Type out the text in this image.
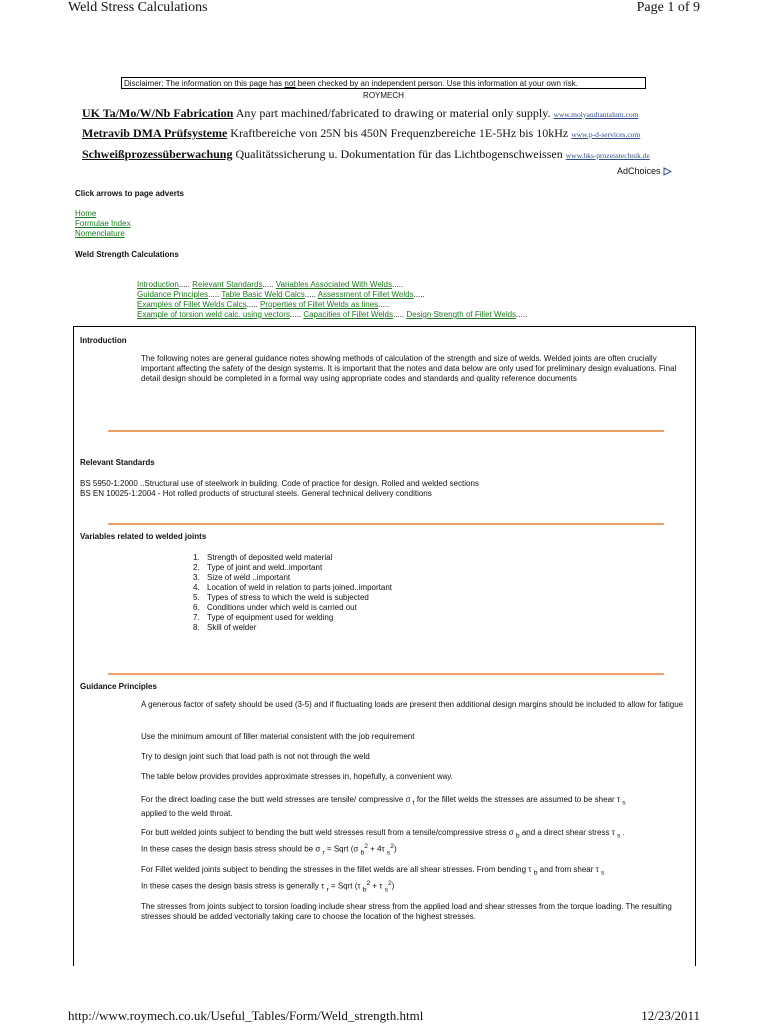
Weld Stress Calculations	Page 1 of 9
Disclaimer: The information on this page has not been checked by an independent person. Use this information at your own risk.
ROYMECH
UK Ta/Mo/W/Nb Fabrication Any part machined/fabricated to drawing or material only supply. www.molyandtantalum.com
Metravib DMA Prüfsysteme Kraftbereiche von 25N bis 450N Frequenzbereiche 1E-5Hz bis 10kHz www.p-d-services.com
Schweißprozessüberwachung Qualitätssicherung u. Dokumentation für das Lichtbogenschweissen www.hks-prozesstechnik.de
AdChoices
Click arrows to page adverts
Home
Formulae Index
Nomenclature
Weld Strength Calculations
Introduction..... Relevant Standards..... Variables Associated With Welds.....
Guidance Principles..... Table Basic Weld Calcs..... Assessment of Fillet Welds.....
Examples of Fillet Welds Calcs..... Properties of Fillet Welds as lines.....
Example of torsion weld calc. using vectors..... Capacities of Fillet Welds..... Design Strength of Fillet Welds.....
Introduction
The following notes are general guidance notes showing methods of calculation of the strength and size of welds. Welded joints are often crucially important affecting the safety of the design systems. It is important that the notes and data below are only used for preliminary design evaluations. Final detail design should be completed in a formal way using appropriate codes and standards and quality reference documents
Relevant Standards
BS 5950-1:2000 ..Structural use of steelwork in building. Code of practice for design. Rolled and welded sections
BS EN 10025-1:2004 - Hot rolled products of structural steels. General technical delivery conditions
Variables related to welded joints
1. Strength of deposited weld material
2. Type of joint and weld..important
3. Size of weld ..important
4. Location of weld in relation to parts joined..important
5. Types of stress to which the weld is subjected
6. Conditions under which weld is carried out
7. Type of equipment used for welding
8. Skill of welder
Guidance Principles
A generous factor of safety should be used (3-5) and if fluctuating loads are present then additional design margins should be included to allow for fatigue
Use the minimum amount of filler material consistent with the job requirement
Try to design joint such that load path is not not through the weld
The table below provides provides approximate stresses in, hopefully, a convenient way.
For the direct loading case the butt weld stresses are tensile/ compressive σ $_t$ for the fillet welds the stresses are assumed to be shear τ $_s$
applied to the weld throat.
For butt welded joints subject to bending the butt weld stresses result from a tensile/compressive stress σ $_b$ and a direct shear stress τ $_s$ .
In these cases the design basis stress should be σ $_r$ = Sqrt (σ $_b^2$ + 4τ $_s^2$)
For Fillet welded joints subject to bending the stresses in the fillet welds are all shear stresses. From bending τ $_b$ and from shear τ $_s$
In these cases the design basis stress is generally τ $_r$ = Sqrt (τ $_b^2$ + τ $_s^2$)
The stresses from joints subject to torsion loading include shear stress from the applied load and shear stresses from the torque loading. The resulting stresses should be added vectorially taking care to choose the location of the highest stresses.
http://www.roymech.co.uk/Useful_Tables/Form/Weld_strength.html	12/23/2011
